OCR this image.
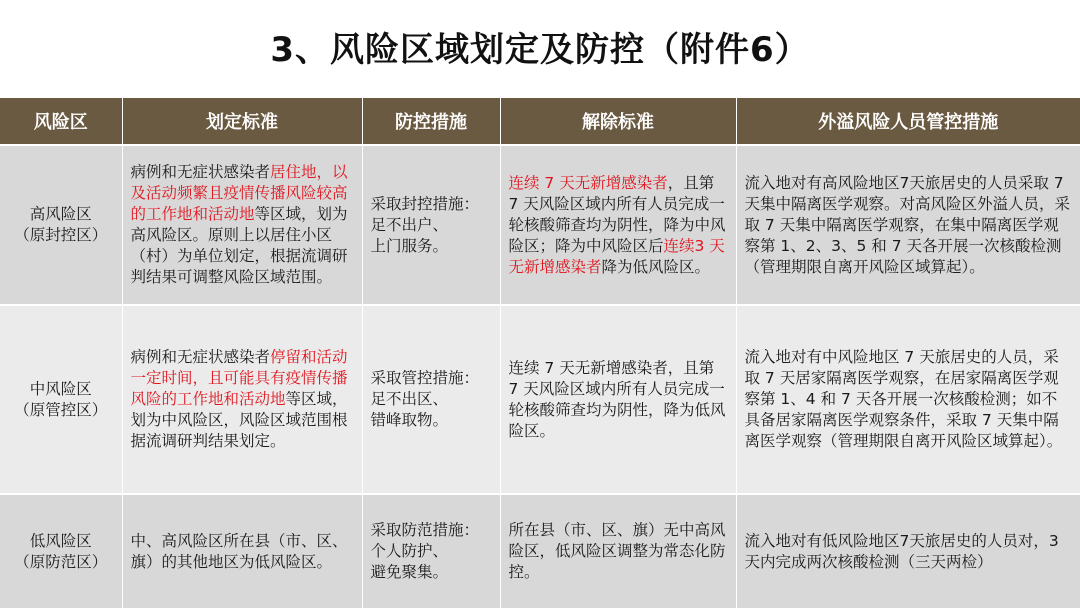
3、风险区域划定及防控（附件6）
风险区	划定标准	防控措施	解除标准	外溢风险人员管控措施

高风险区
（原封控区）	病例和无症状感染者居住地，以及活动频繁且疫情传播风险较高的工作地和活动地等区域，划为高风险区。原则上以居住小区（村）为单位划定，根据流调研判结果可调整风险区域范围。	采取封控措施：
足不出户、
上门服务。	连续 7 天无新增感染者，且第 7 天风险区域内所有人员完成一轮核酸筛查均为阴性，降为中风险区；降为中风险区后连续3 天无新增感染者降为低风险区。	流入地对有高风险地区7天旅居史的人员采取 7 天集中隔离医学观察。对高风险区外溢人员，采取 7 天集中隔离医学观察，在集中隔离医学观察第 1、2、3、5 和 7 天各开展一次核酸检测（管理期限自离开风险区域算起）。

中风险区
（原管控区）	病例和无症状感染者停留和活动一定时间，且可能具有疫情传播风险的工作地和活动地等区域，划为中风险区，风险区域范围根据流调研判结果划定。	采取管控措施：
足不出区、
错峰取物。	连续 7 天无新增感染者，且第 7 天风险区域内所有人员完成一轮核酸筛查均为阴性，降为低风险区。	流入地对有中风险地区 7 天旅居史的人员，采取 7 天居家隔离医学观察，在居家隔离医学观察第 1、4 和 7 天各开展一次核酸检测；如不具备居家隔离医学观察条件，采取 7 天集中隔离医学观察（管理期限自离开风险区域算起）。

低风险区
（原防范区）	中、高风险区所在县（市、区、旗）的其他地区为低风险区。	采取防范措施：
个人防护、
避免聚集。	所在县（市、区、旗）无中高风险区，低风险区调整为常态化防控。	流入地对有低风险地区7天旅居史的人员对，3 天内完成两次核酸检测（三天两检）
